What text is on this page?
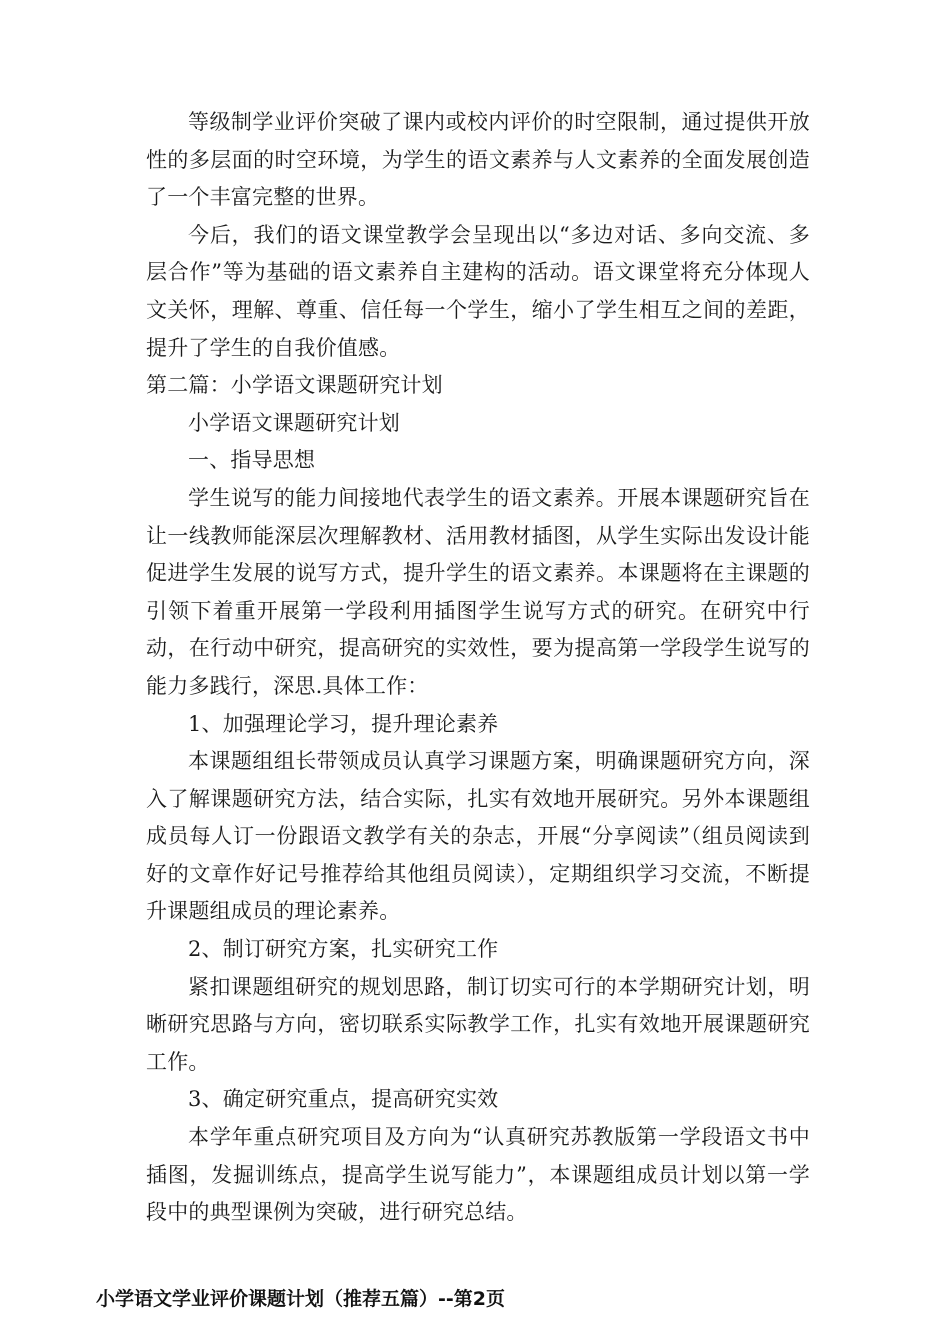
等级制学业评价突破了课内或校内评价的时空限制，通过提供开放性的多层面的时空环境，为学生的语文素养与人文素养的全面发展创造了一个丰富完整的世界。

今后，我们的语文课堂教学会呈现出以“多边对话、多向交流、多层合作”等为基础的语文素养自主建构的活动。语文课堂将充分体现人文关怀，理解、尊重、信任每一个学生，缩小了学生相互之间的差距，提升了学生的自我价值感。

第二篇：小学语文课题研究计划

小学语文课题研究计划

一、指导思想

学生说写的能力间接地代表学生的语文素养。开展本课题研究旨在让一线教师能深层次理解教材、活用教材插图，从学生实际出发设计能促进学生发展的说写方式，提升学生的语文素养。本课题将在主课题的引领下着重开展第一学段利用插图学生说写方式的研究。在研究中行动，在行动中研究，提高研究的实效性，要为提高第一学段学生说写的能力多践行，深思.具体工作：

1、加强理论学习，提升理论素养

本课题组组长带领成员认真学习课题方案，明确课题研究方向，深入了解课题研究方法，结合实际，扎实有效地开展研究。另外本课题组成员每人订一份跟语文教学有关的杂志，开展“分享阅读”（组员阅读到好的文章作好记号推荐给其他组员阅读），定期组织学习交流，不断提升课题组成员的理论素养。

2、制订研究方案，扎实研究工作

紧扣课题组研究的规划思路，制订切实可行的本学期研究计划，明晰研究思路与方向，密切联系实际教学工作，扎实有效地开展课题研究工作。

3、确定研究重点，提高研究实效

本学年重点研究项目及方向为“认真研究苏教版第一学段语文书中插图，发掘训练点，提高学生说写能力”，本课题组成员计划以第一学段中的典型课例为突破，进行研究总结。

小学语文学业评价课题计划（推荐五篇）--第2页
